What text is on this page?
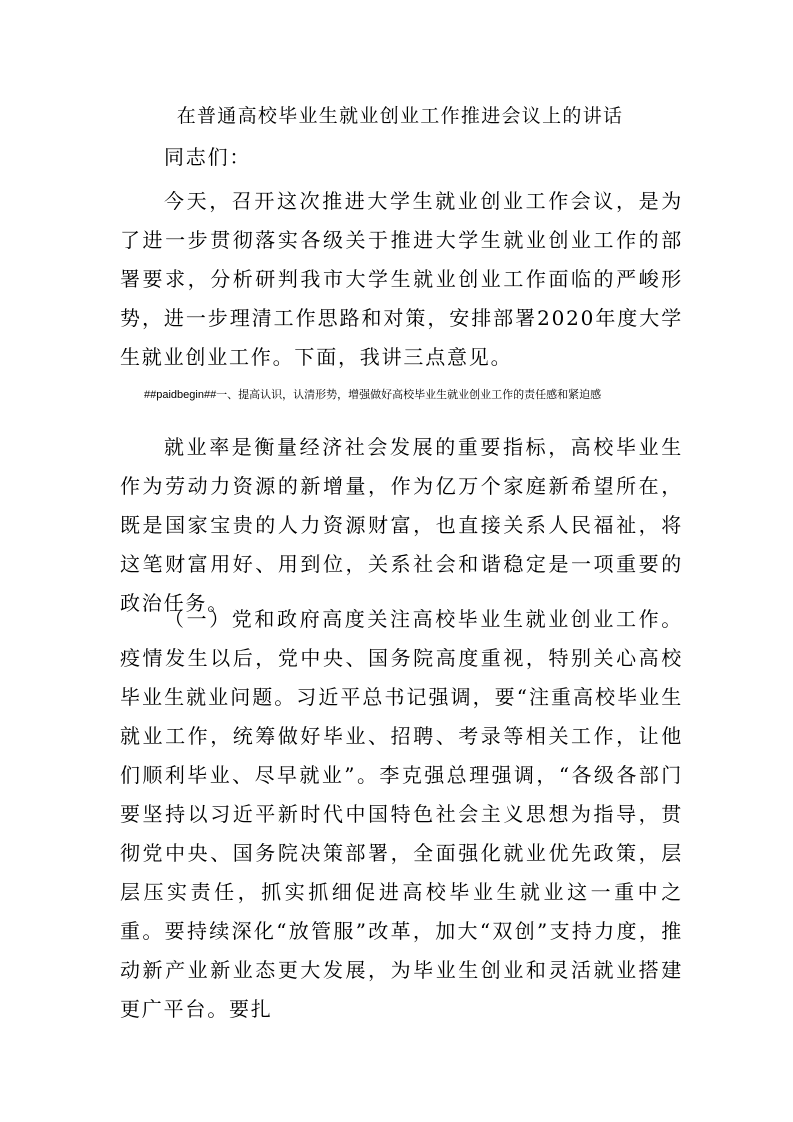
在普通高校毕业生就业创业工作推进会议上的讲话
同志们：
今天，召开这次推进大学生就业创业工作会议，是为了进一步贯彻落实各级关于推进大学生就业创业工作的部署要求，分析研判我市大学生就业创业工作面临的严峻形势，进一步理清工作思路和对策，安排部署2020年度大学生就业创业工作。下面，我讲三点意见。
##paidbegin##一、提高认识，认清形势，增强做好高校毕业生就业创业工作的责任感和紧迫感
就业率是衡量经济社会发展的重要指标，高校毕业生作为劳动力资源的新增量，作为亿万个家庭新希望所在，既是国家宝贵的人力资源财富，也直接关系人民福祉，将这笔财富用好、用到位，关系社会和谐稳定是一项重要的政治任务。
（一）党和政府高度关注高校毕业生就业创业工作。疫情发生以后，党中央、国务院高度重视，特别关心高校毕业生就业问题。习近平总书记强调，要“注重高校毕业生就业工作，统筹做好毕业、招聘、考录等相关工作，让他们顺利毕业、尽早就业”。李克强总理强调，“各级各部门要坚持以习近平新时代中国特色社会主义思想为指导，贯彻党中央、国务院决策部署，全面强化就业优先政策，层层压实责任，抓实抓细促进高校毕业生就业这一重中之重。要持续深化“放管服”改革，加大“双创”支持力度，推动新产业新业态更大发展，为毕业生创业和灵活就业搭建更广平台。要扎
